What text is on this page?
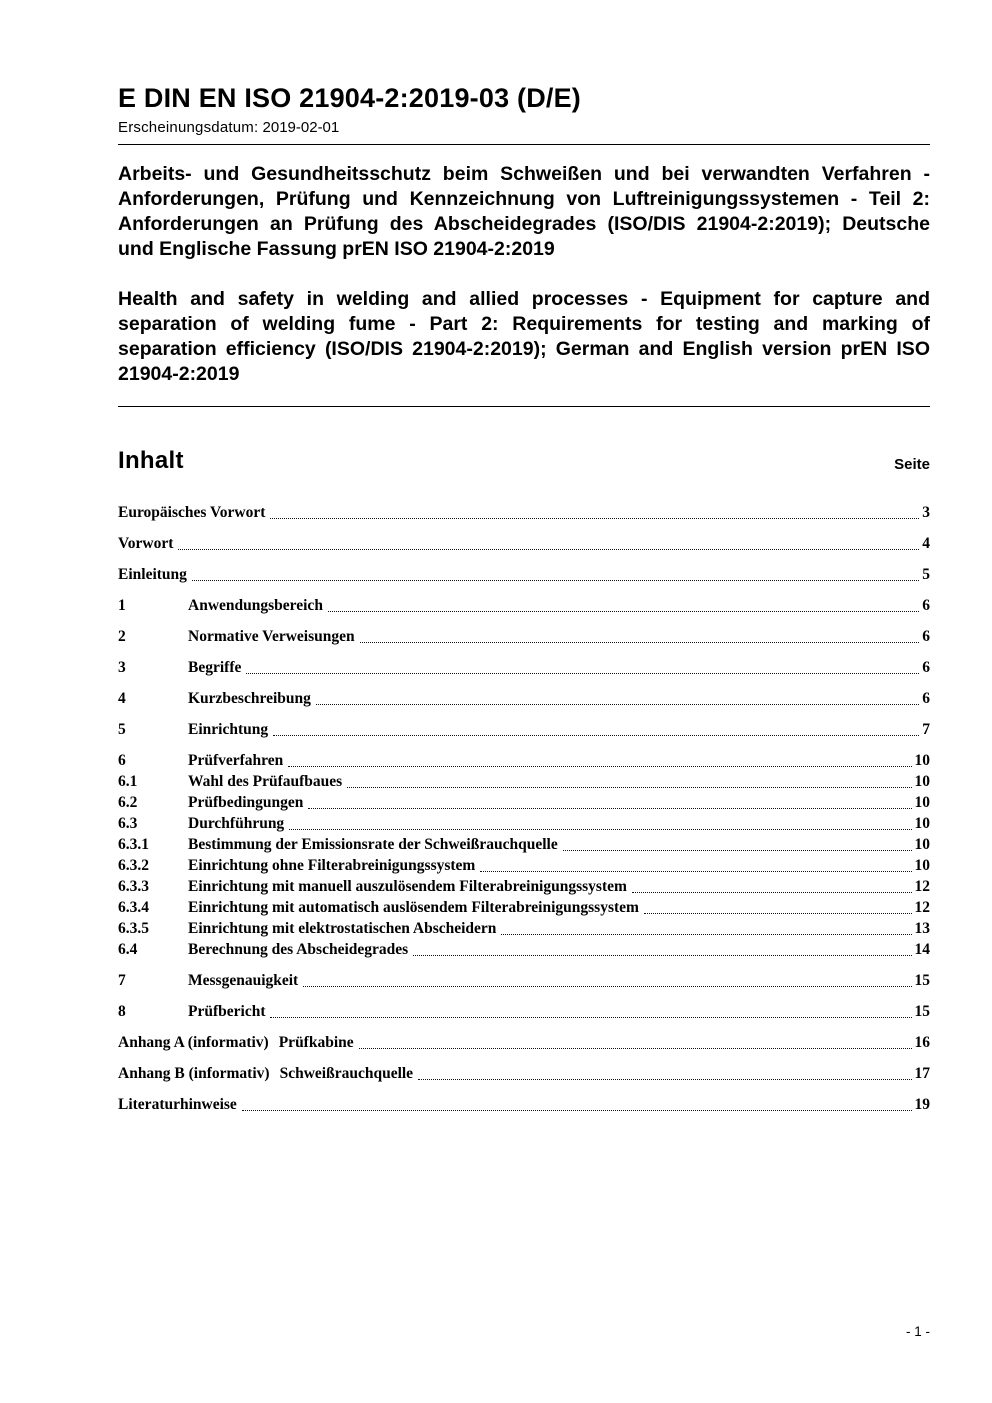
E DIN EN ISO 21904-2:2019-03 (D/E)
Erscheinungsdatum: 2019-02-01

Arbeits- und Gesundheitsschutz beim Schweißen und bei verwandten Verfahren - Anforderungen, Prüfung und Kennzeichnung von Luftreinigungssystemen - Teil 2: Anforderungen an Prüfung des Abscheidegrades (ISO/DIS 21904-2:2019); Deutsche und Englische Fassung prEN ISO 21904-2:2019

Health and safety in welding and allied processes - Equipment for capture and separation of welding fume - Part 2: Requirements for testing and marking of separation efficiency (ISO/DIS 21904-2:2019); German and English version prEN ISO 21904-2:2019

Inhalt	Seite
Europäisches Vorwort	3
Vorwort	4
Einleitung	5
1	Anwendungsbereich	6
2	Normative Verweisungen	6
3	Begriffe	6
4	Kurzbeschreibung	6
5	Einrichtung	7
6	Prüfverfahren	10
6.1	Wahl des Prüfaufbaues	10
6.2	Prüfbedingungen	10
6.3	Durchführung	10
6.3.1	Bestimmung der Emissionsrate der Schweißrauchquelle	10
6.3.2	Einrichtung ohne Filterabreinigungssystem	10
6.3.3	Einrichtung mit manuell auszulösendem Filterabreinigungssystem	12
6.3.4	Einrichtung mit automatisch auslösendem Filterabreinigungssystem	12
6.3.5	Einrichtung mit elektrostatischen Abscheidern	13
6.4	Berechnung des Abscheidegrades	14
7	Messgenauigkeit	15
8	Prüfbericht	15
Anhang A (informativ) Prüfkabine	16
Anhang B (informativ) Schweißrauchquelle	17
Literaturhinweise	19
- 1 -
